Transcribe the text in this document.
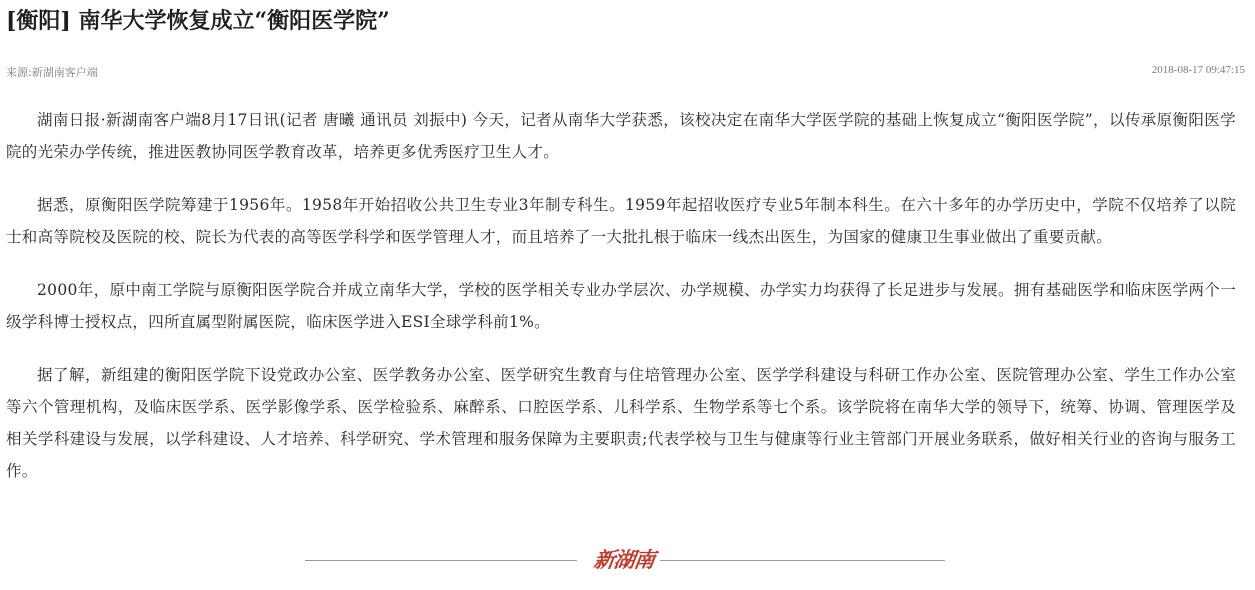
[衡阳] 南华大学恢复成立“衡阳医学院”
来源:新湖南客户端	2018-08-17 09:47:15

湖南日报·新湖南客户端8月17日讯(记者 唐曦 通讯员 刘振中) 今天，记者从南华大学获悉，该校决定在南华大学医学院的基础上恢复成立“衡阳医学院”，以传承原衡阳医学院的光荣办学传统，推进医教协同医学教育改革，培养更多优秀医疗卫生人才。

据悉，原衡阳医学院筹建于1956年。1958年开始招收公共卫生专业3年制专科生。1959年起招收医疗专业5年制本科生。在六十多年的办学历史中，学院不仅培养了以院士和高等院校及医院的校、院长为代表的高等医学科学和医学管理人才，而且培养了一大批扎根于临床一线杰出医生，为国家的健康卫生事业做出了重要贡献。

2000年，原中南工学院与原衡阳医学院合并成立南华大学，学校的医学相关专业办学层次、办学规模、办学实力均获得了长足进步与发展。拥有基础医学和临床医学两个一级学科博士授权点，四所直属型附属医院，临床医学进入ESI全球学科前1%。

据了解，新组建的衡阳医学院下设党政办公室、医学教务办公室、医学研究生教育与住培管理办公室、医学学科建设与科研工作办公室、医院管理办公室、学生工作办公室等六个管理机构，及临床医学系、医学影像学系、医学检验系、麻醉系、口腔医学系、儿科学系、生物学系等七个系。该学院将在南华大学的领导下，统筹、协调、管理医学及相关学科建设与发展，以学科建设、人才培养、科学研究、学术管理和服务保障为主要职责;代表学校与卫生与健康等行业主管部门开展业务联系，做好相关行业的咨询与服务工作。

新湖南
